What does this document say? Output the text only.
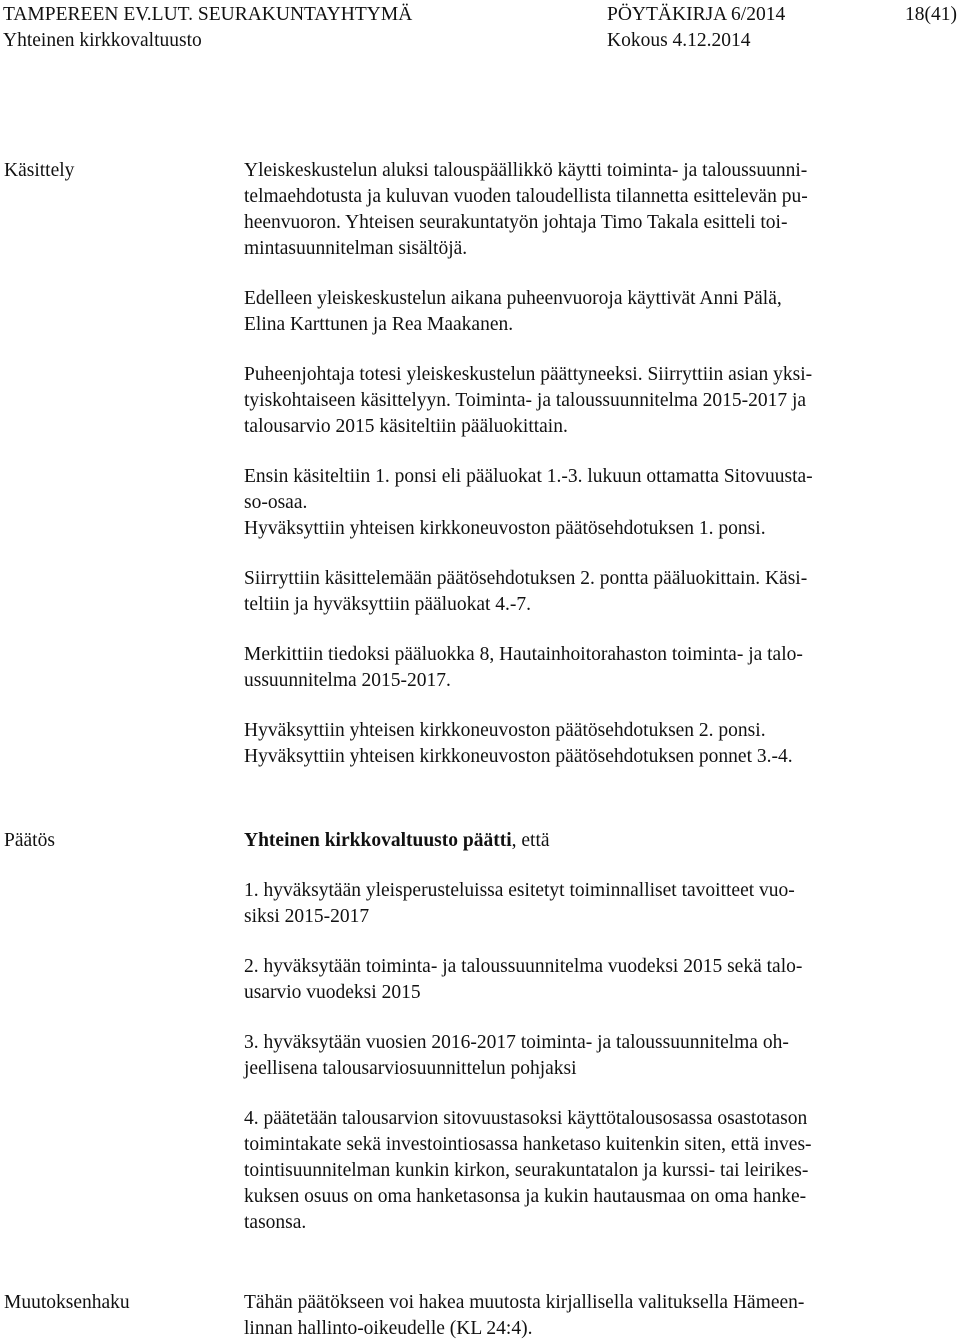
TAMPEREEN EV.LUT. SEURAKUNTAYHTYMÄ	PÖYTÄKIRJA 6/2014	18(41)
Yhteinen kirkkovaltuusto	Kokous 4.12.2014
Käsittely	Yleiskeskustelun aluksi talouspäällikkö käytti toiminta- ja taloussuunni-
telmaehdotusta ja kuluvan vuoden taloudellista tilannetta esittelevän pu-
heenvuoron. Yhteisen seurakuntatyön johtaja Timo Takala esitteli toi-
mintasuunnitelman sisältöjä.

Edelleen yleiskeskustelun aikana puheenvuoroja käyttivät Anni Pälä,
Elina Karttunen ja Rea Maakanen.

Puheenjohtaja totesi yleiskeskustelun päättyneeksi. Siirryttiin asian yksi-
tyiskohtaiseen käsittelyyn. Toiminta- ja taloussuunnitelma 2015-2017 ja
talousarvio 2015 käsiteltiin pääluokittain.

Ensin käsiteltiin 1. ponsi eli pääluokat 1.-3. lukuun ottamatta Sitovuusta-
so-osaa.
Hyväksyttiin yhteisen kirkkoneuvoston päätösehdotuksen 1. ponsi.

Siirryttiin käsittelemään päätösehdotuksen 2. pontta pääluokittain. Käsi-
teltiin ja hyväksyttiin pääluokat 4.-7.

Merkittiin tiedoksi pääluokka 8, Hautainhoitorahaston toiminta- ja talo-
ussuunnitelma 2015-2017.

Hyväksyttiin yhteisen kirkkoneuvoston päätösehdotuksen 2. ponsi.
Hyväksyttiin yhteisen kirkkoneuvoston päätösehdotuksen ponnet 3.-4.

Päätös	Yhteinen kirkkovaltuusto päätti, että

1. hyväksytään yleisperusteluissa esitetyt toiminnalliset tavoitteet vuo-
siksi 2015-2017

2. hyväksytään toiminta- ja taloussuunnitelma vuodeksi 2015 sekä talo-
usarvio vuodeksi 2015

3. hyväksytään vuosien 2016-2017 toiminta- ja taloussuunnitelma oh-
jeellisena talousarviosuunnittelun pohjaksi

4. päätetään talousarvion sitovuustasoksi käyttötalousosassa osastotason
toimintakate sekä investointiosassa hanketaso kuitenkin siten, että inves-
tointisuunnitelman kunkin kirkon, seurakuntatalon ja kurssi- tai leirikes-
kuksen osuus on oma hanketasonsa ja kukin hautausmaa on oma hanke-
tasonsa.

Muutoksenhaku	Tähän päätökseen voi hakea muutosta kirjallisella valituksella Hämeen-
linnan hallinto-oikeudelle (KL 24:4).
